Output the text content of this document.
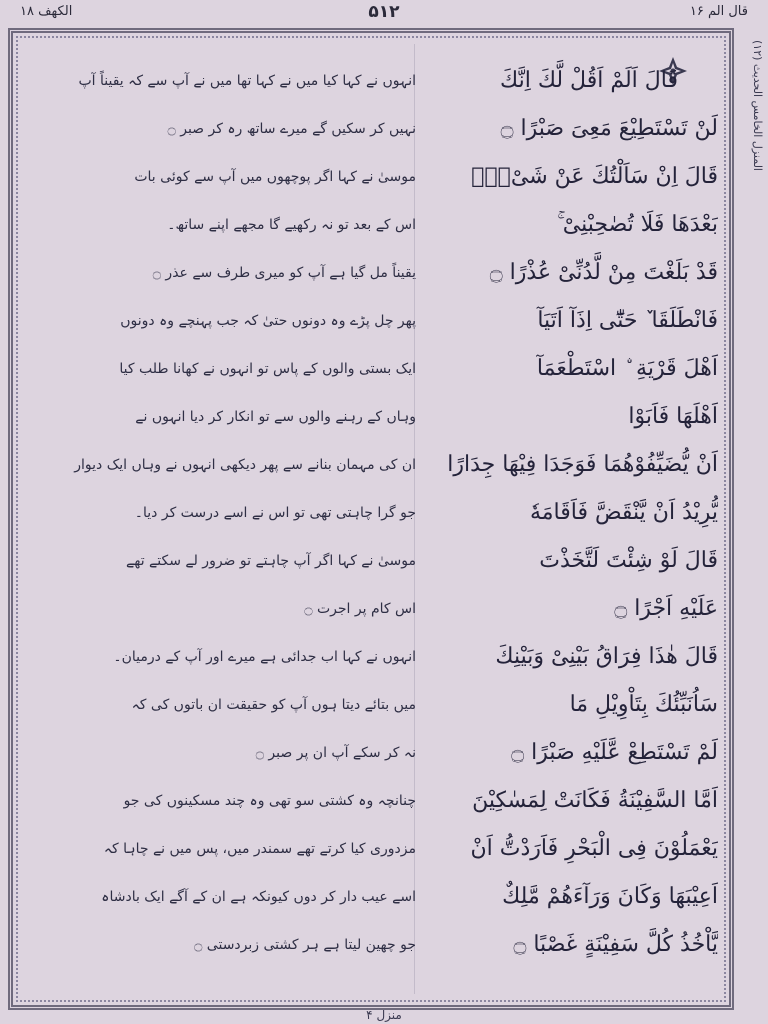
الکھف ۱۸	۵۱۲	قال الم ۱۶
المنزل الخامس الحدیث (۱۲)
انہوں نے کہا کیا میں نے کہا تھا میں نے آپ سے کہ یقیناً آپ	قَالَ اَلَمْ اَقُلْ لَّكَ اِنَّكَ
نہیں کر سکیں گے میرے ساتھ رہ کر صبر ۝	لَنْ تَسْتَطِيْعَ مَعِىَ صَبْرًا ۝
موسیٰ نے کہا اگر پوچھوں میں آپ سے کوئی بات	قَالَ اِنْ سَاَلْتُكَ عَنْ شَىْءٍۢ
اس کے بعد تو نہ رکھیے گا مجھے اپنے ساتھ۔	بَعْدَهَا فَلَا تُصٰحِبْنِىْ ۚ
یقیناً مل گیا ہے آپ کو میری طرف سے عذر ۝	قَدْ بَلَغْتَ مِنْ لَّدُنِّىْ عُذْرًا ۝
پھر چل پڑے وہ دونوں حتیٰ کہ جب پہنچے وہ دونوں	فَانْطَلَقَا ٚ حَتّٰٓى اِذَآ اَتَيَآ
ایک بستی والوں کے پاس تو انہوں نے کھانا طلب کیا	اَهْلَ قَرْيَةِ ۨ اسْتَطْعَمَآ
وہاں کے رہنے والوں سے تو انکار کر دیا انہوں نے	اَهْلَهَا فَاَبَوْا
ان کی مہمان بنانے سے پھر دیکھی انہوں نے وہاں ایک دیوار	اَنْ يُّضَيِّفُوْهُمَا فَوَجَدَا فِيْهَا جِدَارًا
جو گرا چاہتی تھی تو اس نے اسے درست کر دیا۔	يُّرِيْدُ اَنْ يَّنْقَضَّ فَاَقَامَهٗ
موسیٰ نے کہا اگر آپ چاہتے تو ضرور لے سکتے تھے	قَالَ لَوْ شِئْتَ لَتَّخَذْتَ
اس کام پر اجرت ۝	عَلَيْهِ اَجْرًا ۝
انہوں نے کہا اب جدائی ہے میرے اور آپ کے درمیان۔	قَالَ هٰذَا فِرَاقُ بَيْنِىْ وَبَيْنِكَ
میں بتائے دیتا ہوں آپ کو حقیقت ان باتوں کی کہ	سَاُنَبِّئُكَ بِتَاْوِيْلِ مَا
نہ کر سکے آپ ان پر صبر ۝	لَمْ تَسْتَطِعْ عَّلَيْهِ صَبْرًا ۝
چنانچہ وہ کشتی سو تھی وہ چند مسکینوں کی جو	اَمَّا السَّفِيْنَةُ فَكَانَتْ لِمَسٰكِيْنَ
مزدوری کیا کرتے تھے سمندر میں، پس میں نے چاہا کہ	يَعْمَلُوْنَ فِى الْبَحْرِ فَاَرَدْتُّ اَنْ
اسے عیب دار کر دوں کیونکہ ہے ان کے آگے ایک بادشاہ	اَعِيْبَهَا وَكَانَ وَرَآءَهُمْ مَّلِكٌ
جو چھین لیتا ہے ہر کشتی زبردستی ۝	يَّاْخُذُ كُلَّ سَفِيْنَةٍ غَصْبًا ۝
منزل ۴
